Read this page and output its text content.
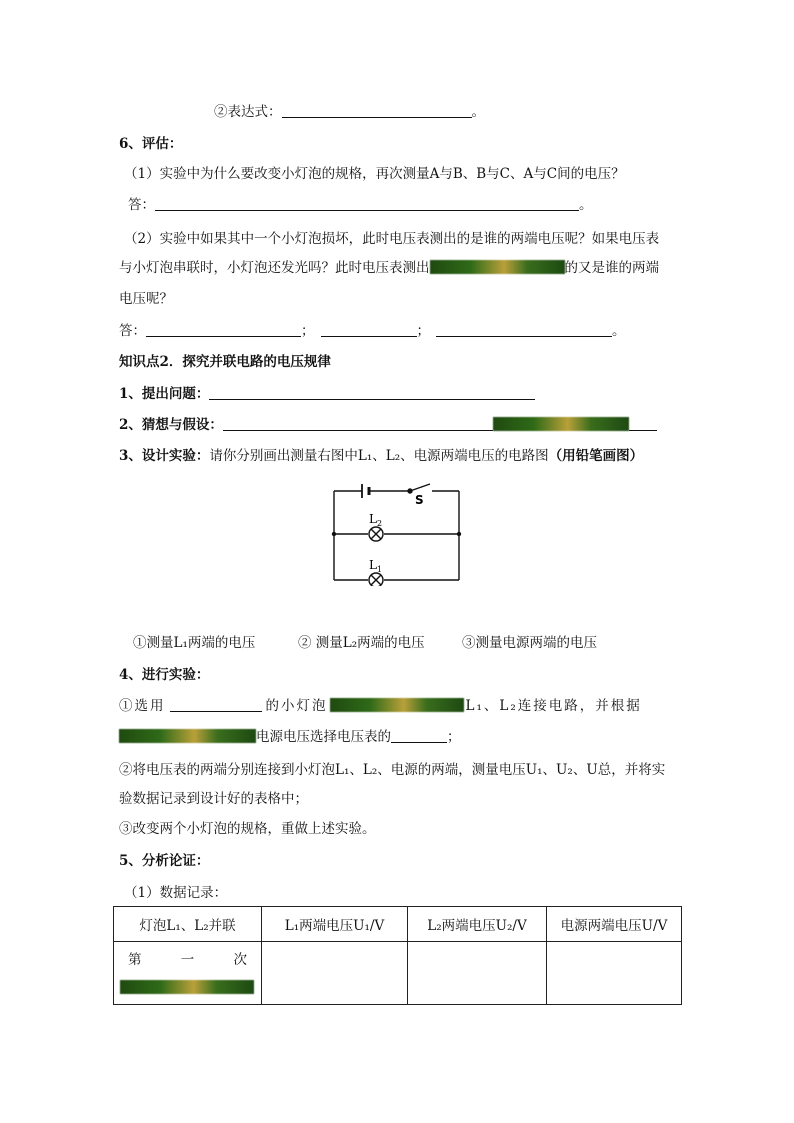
②表达式：	。
6、评估：
（1）实验中为什么要改变小灯泡的规格，再次测量A与B、B与C、A与C间的电压？
答：	。
（2）实验中如果其中一个小灯泡损坏，此时电压表测出的是谁的两端电压呢？如果电压表
与小灯泡串联时，小灯泡还发光吗？此时电压表测出	的又是谁的两端
电压呢？
答：	；	；	。
知识点2．探究并联电路的电压规律
1、提出问题：
2、猜想与假设：
3、设计实验：请你分别画出测量右图中L₁、L₂、电源两端电压的电路图（用铅笔画图）
S
$L_2$
$L_1$
①测量L₁两端的电压	② 测量L₂两端的电压	③测量电源两端的电压
4、进行实验：
①选用	的小灯泡	L₁、L₂连接电路，并根据
电源电压选择电压表的	；
②将电压表的两端分别连接到小灯泡L₁、L₂、电源的两端，测量电压U₁、U₂、U总，并将实
验数据记录到设计好的表格中；
③改变两个小灯泡的规格，重做上述实验。
5、分析论证：
（1）数据记录：
灯泡L₁、L₂并联	L₁两端电压U₁/V	L₂两端电压U₂/V	电源两端电压U/V

第 一 次			
